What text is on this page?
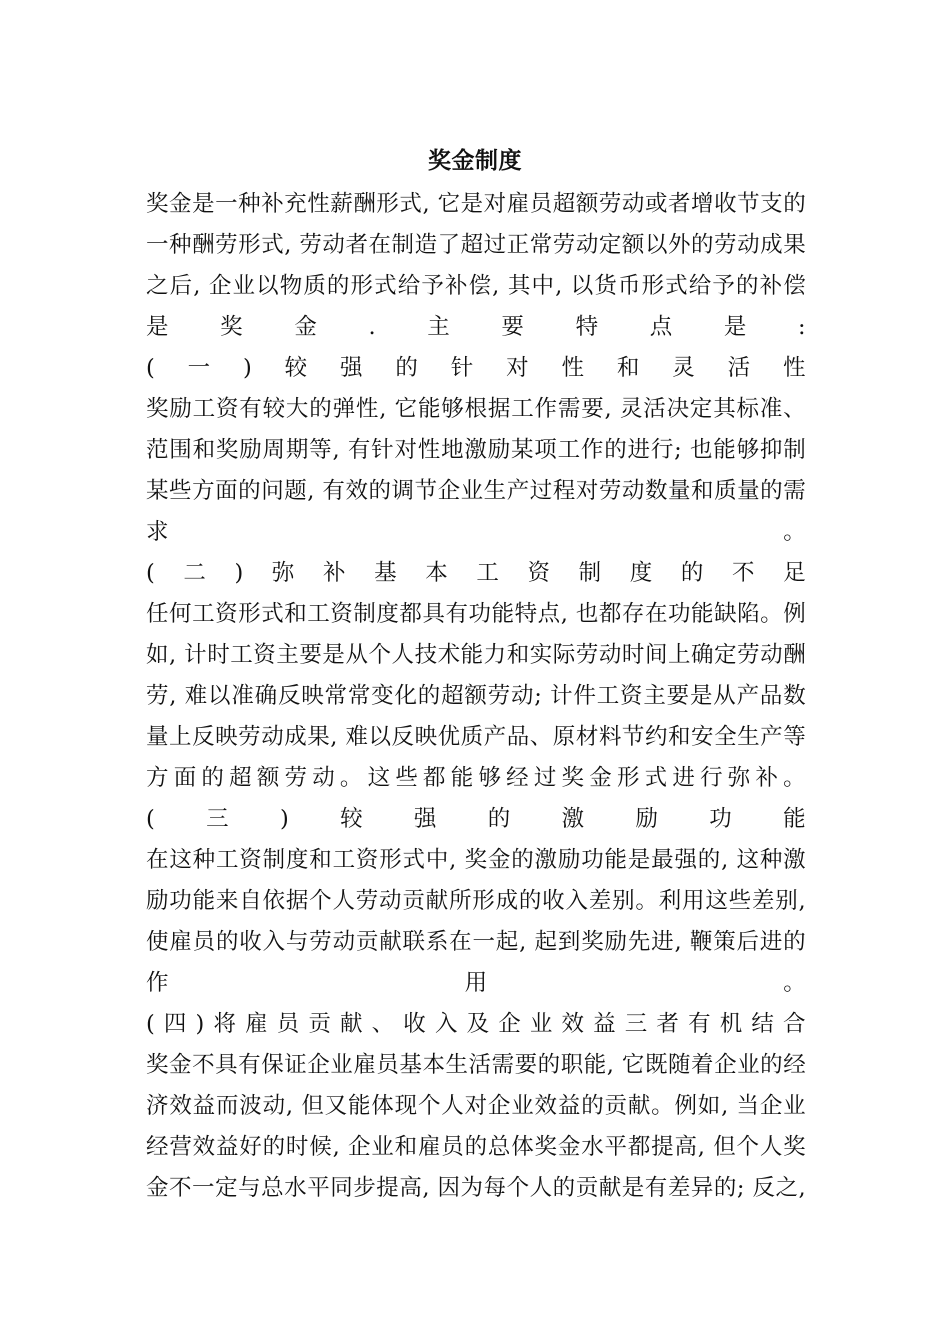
奖金制度
奖金是一种补充性薪酬形式, 它是对雇员超额劳动或者增收节支的
一种酬劳形式, 劳动者在制造了超过正常劳动定额以外的劳动成果
之后, 企业以物质的形式给予补偿, 其中, 以货币形式给予的补偿
是 奖 金 . 主 要 特 点 是 :
( 一 ) 较 强 的 针 对 性 和 灵 活 性
奖励工资有较大的弹性, 它能够根据工作需要, 灵活决定其标准、
范围和奖励周期等, 有针对性地激励某项工作的进行; 也能够抑制
某些方面的问题, 有效的调节企业生产过程对劳动数量和质量的需
求	。
( 二 ) 弥 补 基 本 工 资 制 度 的 不 足
任何工资形式和工资制度都具有功能特点, 也都存在功能缺陷。例
如, 计时工资主要是从个人技术能力和实际劳动时间上确定劳动酬
劳, 难以准确反映常常变化的超额劳动; 计件工资主要是从产品数
量上反映劳动成果, 难以反映优质产品、原材料节约和安全生产等
方 面 的 超 额 劳 动 。 这 些 都 能 够 经 过 奖 金 形 式 进 行 弥 补 。
( 三 ) 较 强 的 激 励 功 能
在这种工资制度和工资形式中, 奖金的激励功能是最强的, 这种激
励功能来自依据个人劳动贡献所形成的收入差别。利用这些差别,
使雇员的收入与劳动贡献联系在一起, 起到奖励先进, 鞭策后进的
作	用	。
( 四 ) 将 雇 员 贡 献 、 收 入 及 企 业 效 益 三 者 有 机 结 合
奖金不具有保证企业雇员基本生活需要的职能, 它既随着企业的经
济效益而波动, 但又能体现个人对企业效益的贡献。例如, 当企业
经营效益好的时候, 企业和雇员的总体奖金水平都提高, 但个人奖
金不一定与总水平同步提高, 因为每个人的贡献是有差异的; 反之,
